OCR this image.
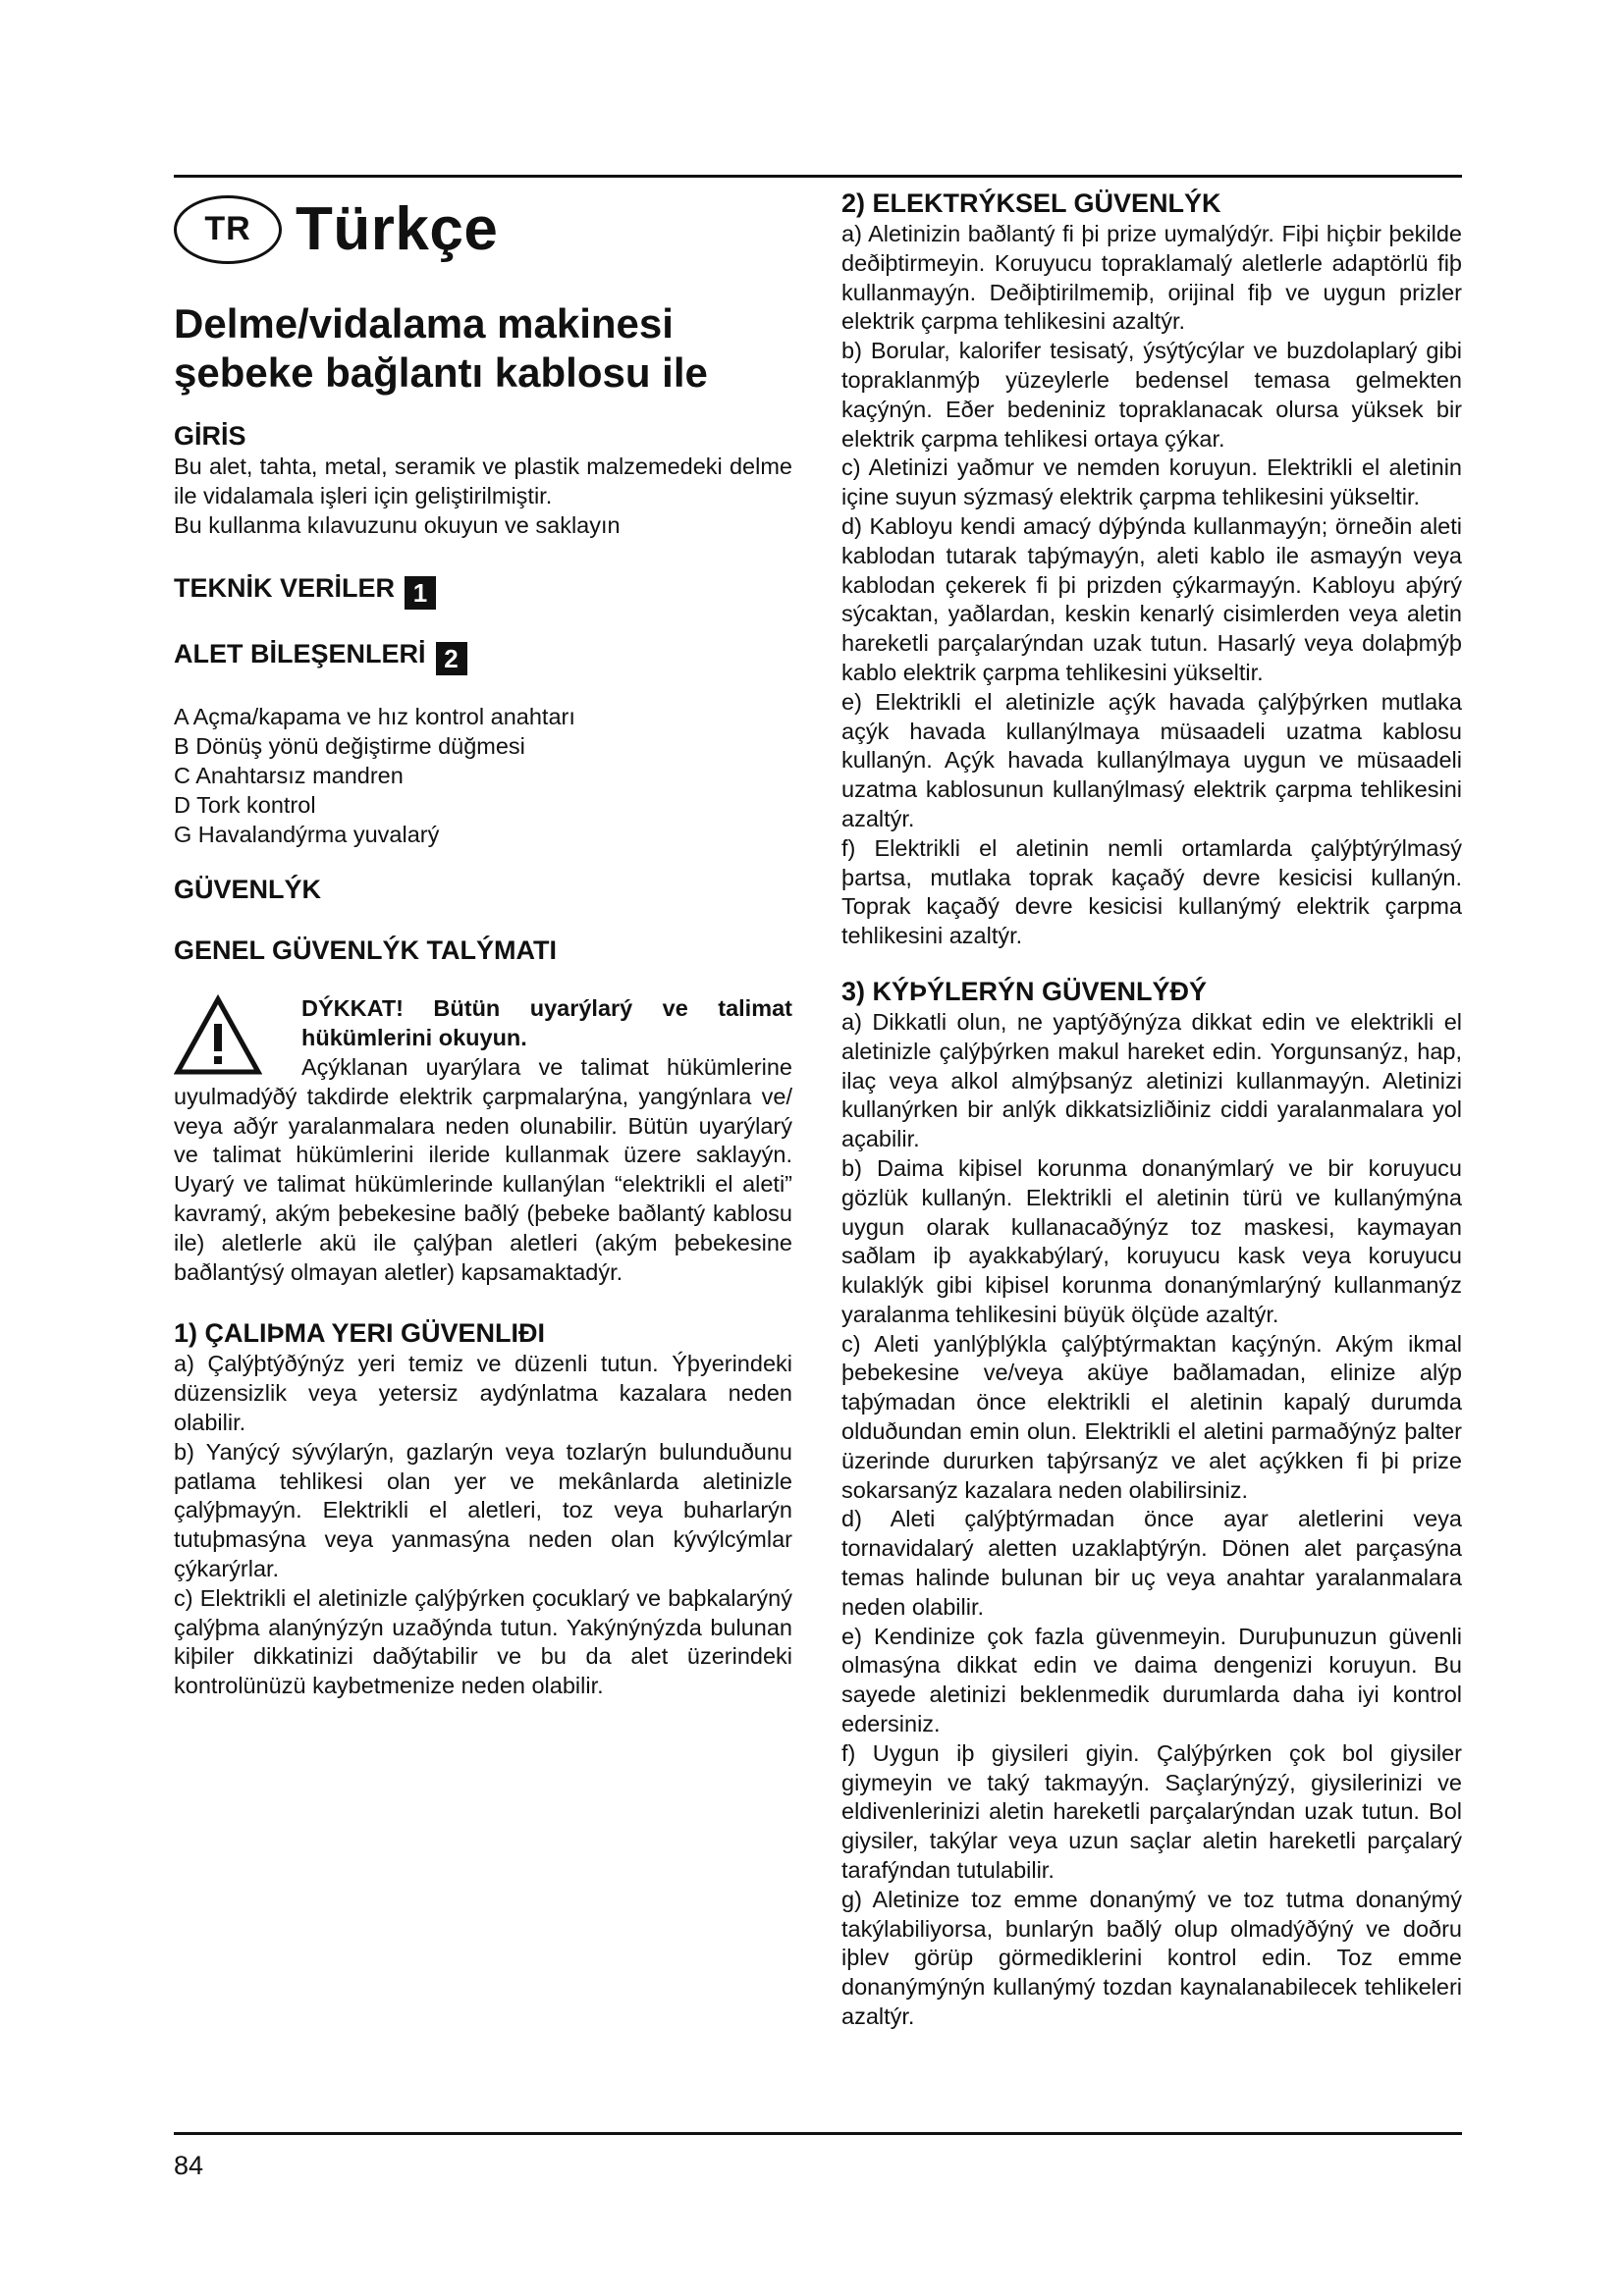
TR Türkçe
Delme/vidalama makinesi
şebeke bağlantı kablosu ile
GİRİS

Bu alet, tahta, metal, seramik ve plastik malzemedeki delme ile vidalamala işleri için geliştirilmiştir.

Bu kullanma kılavuzunu okuyun ve saklayın

TEKNİK VERİLER 1
ALET BİLEŞENLERİ 2

A Açma/kapama ve hız kontrol anahtarı

B Dönüş yönü değiştirme düğmesi

C Anahtarsız mandren

D Tork kontrol

G Havalandýrma yuvalarý

GÜVENLÝK
GENEL GÜVENLÝK TALÝMATI

DÝKKAT! Bütün uyarýlarý ve talimat hükümlerini okuyun.

Açýklanan uyarýlara ve talimat hükümlerine uyulmadýðý takdirde elektrik çarpmalarýna, yangýnlara ve/ veya aðýr yaralanmalara neden olunabilir. Bütün uyarýlarý ve talimat hükümlerini ileride kullanmak üzere saklayýn. Uyarý ve talimat hükümlerinde kullanýlan “elektrikli el aleti” kavramý, akým þebekesine baðlý (þebeke baðlantý kablosu ile) aletlerle akü ile çalýþan aletleri (akým þebekesine baðlantýsý olmayan aletler) kapsamaktadýr.

1) ÇALIÞMA YERI GÜVENLIÐI

a) Çalýþtýðýnýz yeri temiz ve düzenli tutun. Ýþyerindeki düzensizlik veya yetersiz aydýnlatma kazalara neden olabilir.

b) Yanýcý sývýlarýn, gazlarýn veya tozlarýn bulunduðunu patlama tehlikesi olan yer ve mekânlarda aletinizle çalýþmayýn. Elektrikli el aletleri, toz veya buharlarýn tutuþmasýna veya yanmasýna neden olan kývýlcýmlar çýkarýrlar.

c) Elektrikli el aletinizle çalýþýrken çocuklarý ve baþkalarýný çalýþma alanýnýzýn uzaðýnda tutun. Yakýnýnýzda bulunan kiþiler dikkatinizi daðýtabilir ve bu da alet üzerindeki kontrolünüzü kaybetmenize neden olabilir.

2) ELEKTRÝKSEL GÜVENLÝK

a) Aletinizin baðlantý fi þi prize uymalýdýr. Fiþi hiçbir þekilde deðiþtirmeyin. Koruyucu topraklamalý aletlerle adaptörlü fiþ kullanmayýn. Deðiþtirilmemiþ, orijinal fiþ ve uygun prizler elektrik çarpma tehlikesini azaltýr.

b) Borular, kalorifer tesisatý, ýsýtýcýlar ve buzdolaplarý gibi topraklanmýþ yüzeylerle bedensel temasa gelmekten kaçýnýn. Eðer bedeniniz topraklanacak olursa yüksek bir elektrik çarpma tehlikesi ortaya çýkar.

c) Aletinizi yaðmur ve nemden koruyun. Elektrikli el aletinin içine suyun sýzmasý elektrik çarpma tehlikesini yükseltir.

d) Kabloyu kendi amacý dýþýnda kullanmayýn; örneðin aleti kablodan tutarak taþýmayýn, aleti kablo ile asmayýn veya kablodan çekerek fi þi prizden çýkarmayýn. Kabloyu aþýrý sýcaktan, yaðlardan, keskin kenarlý cisimlerden veya aletin hareketli parçalarýndan uzak tutun. Hasarlý veya dolaþmýþ kablo elektrik çarpma tehlikesini yükseltir.

e) Elektrikli el aletinizle açýk havada çalýþýrken mutlaka açýk havada kullanýlmaya müsaadeli uzatma kablosu kullanýn. Açýk havada kullanýlmaya uygun ve müsaadeli uzatma kablosunun kullanýlmasý elektrik çarpma tehlikesini azaltýr.

f) Elektrikli el aletinin nemli ortamlarda çalýþtýrýlmasý þartsa, mutlaka toprak kaçaðý devre kesicisi kullanýn. Toprak kaçaðý devre kesicisi kullanýmý elektrik çarpma tehlikesini azaltýr.

3) KÝÞÝLERÝN GÜVENLÝÐÝ

a) Dikkatli olun, ne yaptýðýnýza dikkat edin ve elektrikli el aletinizle çalýþýrken makul hareket edin. Yorgunsanýz, hap, ilaç veya alkol almýþsanýz aletinizi kullanmayýn. Aletinizi kullanýrken bir anlýk dikkatsizliðiniz ciddi yaralanmalara yol açabilir.

b) Daima kiþisel korunma donanýmlarý ve bir koruyucu gözlük kullanýn. Elektrikli el aletinin türü ve kullanýmýna uygun olarak kullanacaðýnýz toz maskesi, kaymayan saðlam iþ ayakkabýlarý, koruyucu kask veya koruyucu kulaklýk gibi kiþisel korunma donanýmlarýný kullanmanýz yaralanma tehlikesini büyük ölçüde azaltýr.

c) Aleti yanlýþlýkla çalýþtýrmaktan kaçýnýn. Akým ikmal þebekesine ve/veya aküye baðlamadan, elinize alýp taþýmadan önce elektrikli el aletinin kapalý durumda olduðundan emin olun. Elektrikli el aletini parmaðýnýz þalter üzerinde dururken taþýrsanýz ve alet açýkken fi þi prize sokarsanýz kazalara neden olabilirsiniz.

d) Aleti çalýþtýrmadan önce ayar aletlerini veya tornavidalarý aletten uzaklaþtýrýn. Dönen alet parçasýna temas halinde bulunan bir uç veya anahtar yaralanmalara neden olabilir.

e) Kendinize çok fazla güvenmeyin. Duruþunuzun güvenli olmasýna dikkat edin ve daima dengenizi koruyun. Bu sayede aletinizi beklenmedik durumlarda daha iyi kontrol edersiniz.

f) Uygun iþ giysileri giyin. Çalýþýrken çok bol giysiler giymeyin ve taký takmayýn. Saçlarýnýzý, giysilerinizi ve eldivenlerinizi aletin hareketli parçalarýndan uzak tutun. Bol giysiler, takýlar veya uzun saçlar aletin hareketli parçalarý tarafýndan tutulabilir.

g) Aletinize toz emme donanýmý ve toz tutma donanýmý takýlabiliyorsa, bunlarýn baðlý olup olmadýðýný ve doðru iþlev görüp görmediklerini kontrol edin. Toz emme donanýmýnýn kullanýmý tozdan kaynalanabilecek tehlikeleri azaltýr.

84
